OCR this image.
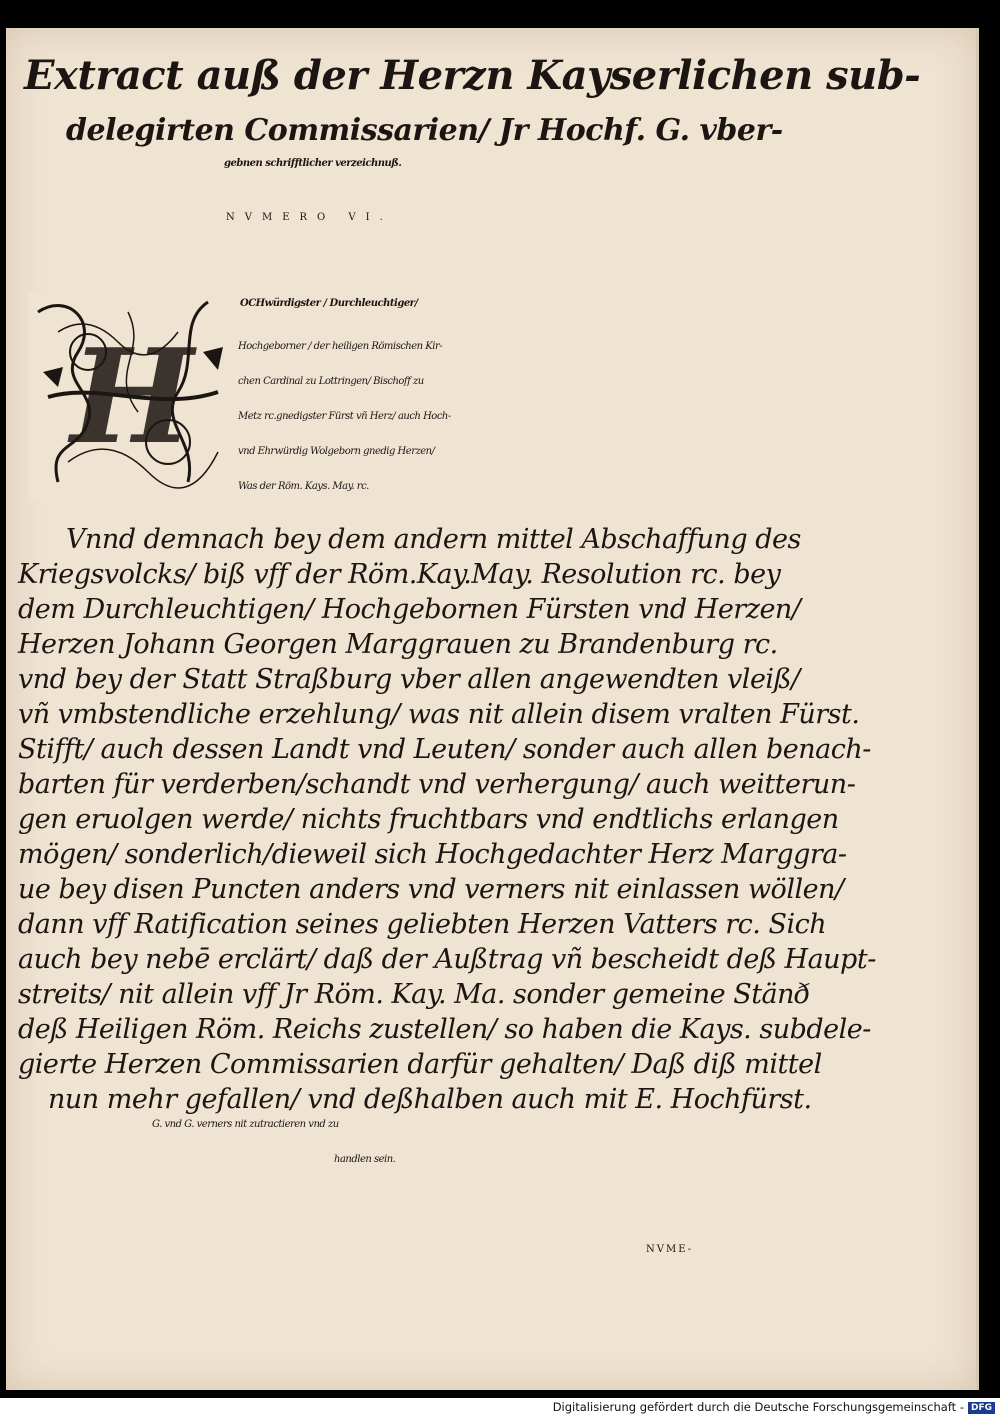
Extract auß der Herzn Kayserlichen sub-
delegirten Commissarien/ Jr Hochf. G. vber-
gebnen schrifftlicher verzeichnuß.
NVMERO VI.
H
OCHwürdigster / Durchleuchtiger/
Hochgeborner / der heiligen Römischen Kir-
chen Cardinal zu Lottringen/ Bischoff zu
Metz rc.gnedigster Fürst vñ Herz/ auch Hoch-
vnd Ehrwürdig Wolgeborn gnedig Herzen/
Was der Röm. Kays. May. rc.
Vnnd demnach bey dem andern mittel Abschaffung des
Kriegsvolcks/ biß vff der Röm.Kay.May. Resolution rc. bey
dem Durchleuchtigen/ Hochgebornen Fürsten vnd Herzen/
Herzen Johann Georgen Marggrauen zu Brandenburg rc.
vnd bey der Statt Straßburg vber allen angewendten vleiß/
vñ vmbstendliche erzehlung/ was nit allein disem vralten Fürst.
Stifft/ auch dessen Landt vnd Leuten/ sonder auch allen benach-
barten für verderben/schandt vnd verhergung/ auch weitterun-
gen eruolgen werde/ nichts fruchtbars vnd endtlichs erlangen
mögen/ sonderlich/dieweil sich Hochgedachter Herz Marggra-
ue bey disen Puncten anders vnd verners nit einlassen wöllen/
dann vff Ratification seines geliebten Herzen Vatters rc. Sich
auch bey nebē erclärt/ daß der Außtrag vñ bescheidt deß Haupt-
streits/ nit allein vff Jr Röm. Kay. Ma. sonder gemeine Stänð
deß Heiligen Röm. Reichs zustellen/ so haben die Kays. subdele-
gierte Herzen Commissarien darfür gehalten/ Daß diß mittel
nun mehr gefallen/ vnd deßhalben auch mit E. Hochfürst.
G. vnd G. verners nit zutractieren vnd zu
handlen sein.
NVME-
Digitalisierung gefördert durch die Deutsche Forschungsgemeinschaft - DFG
